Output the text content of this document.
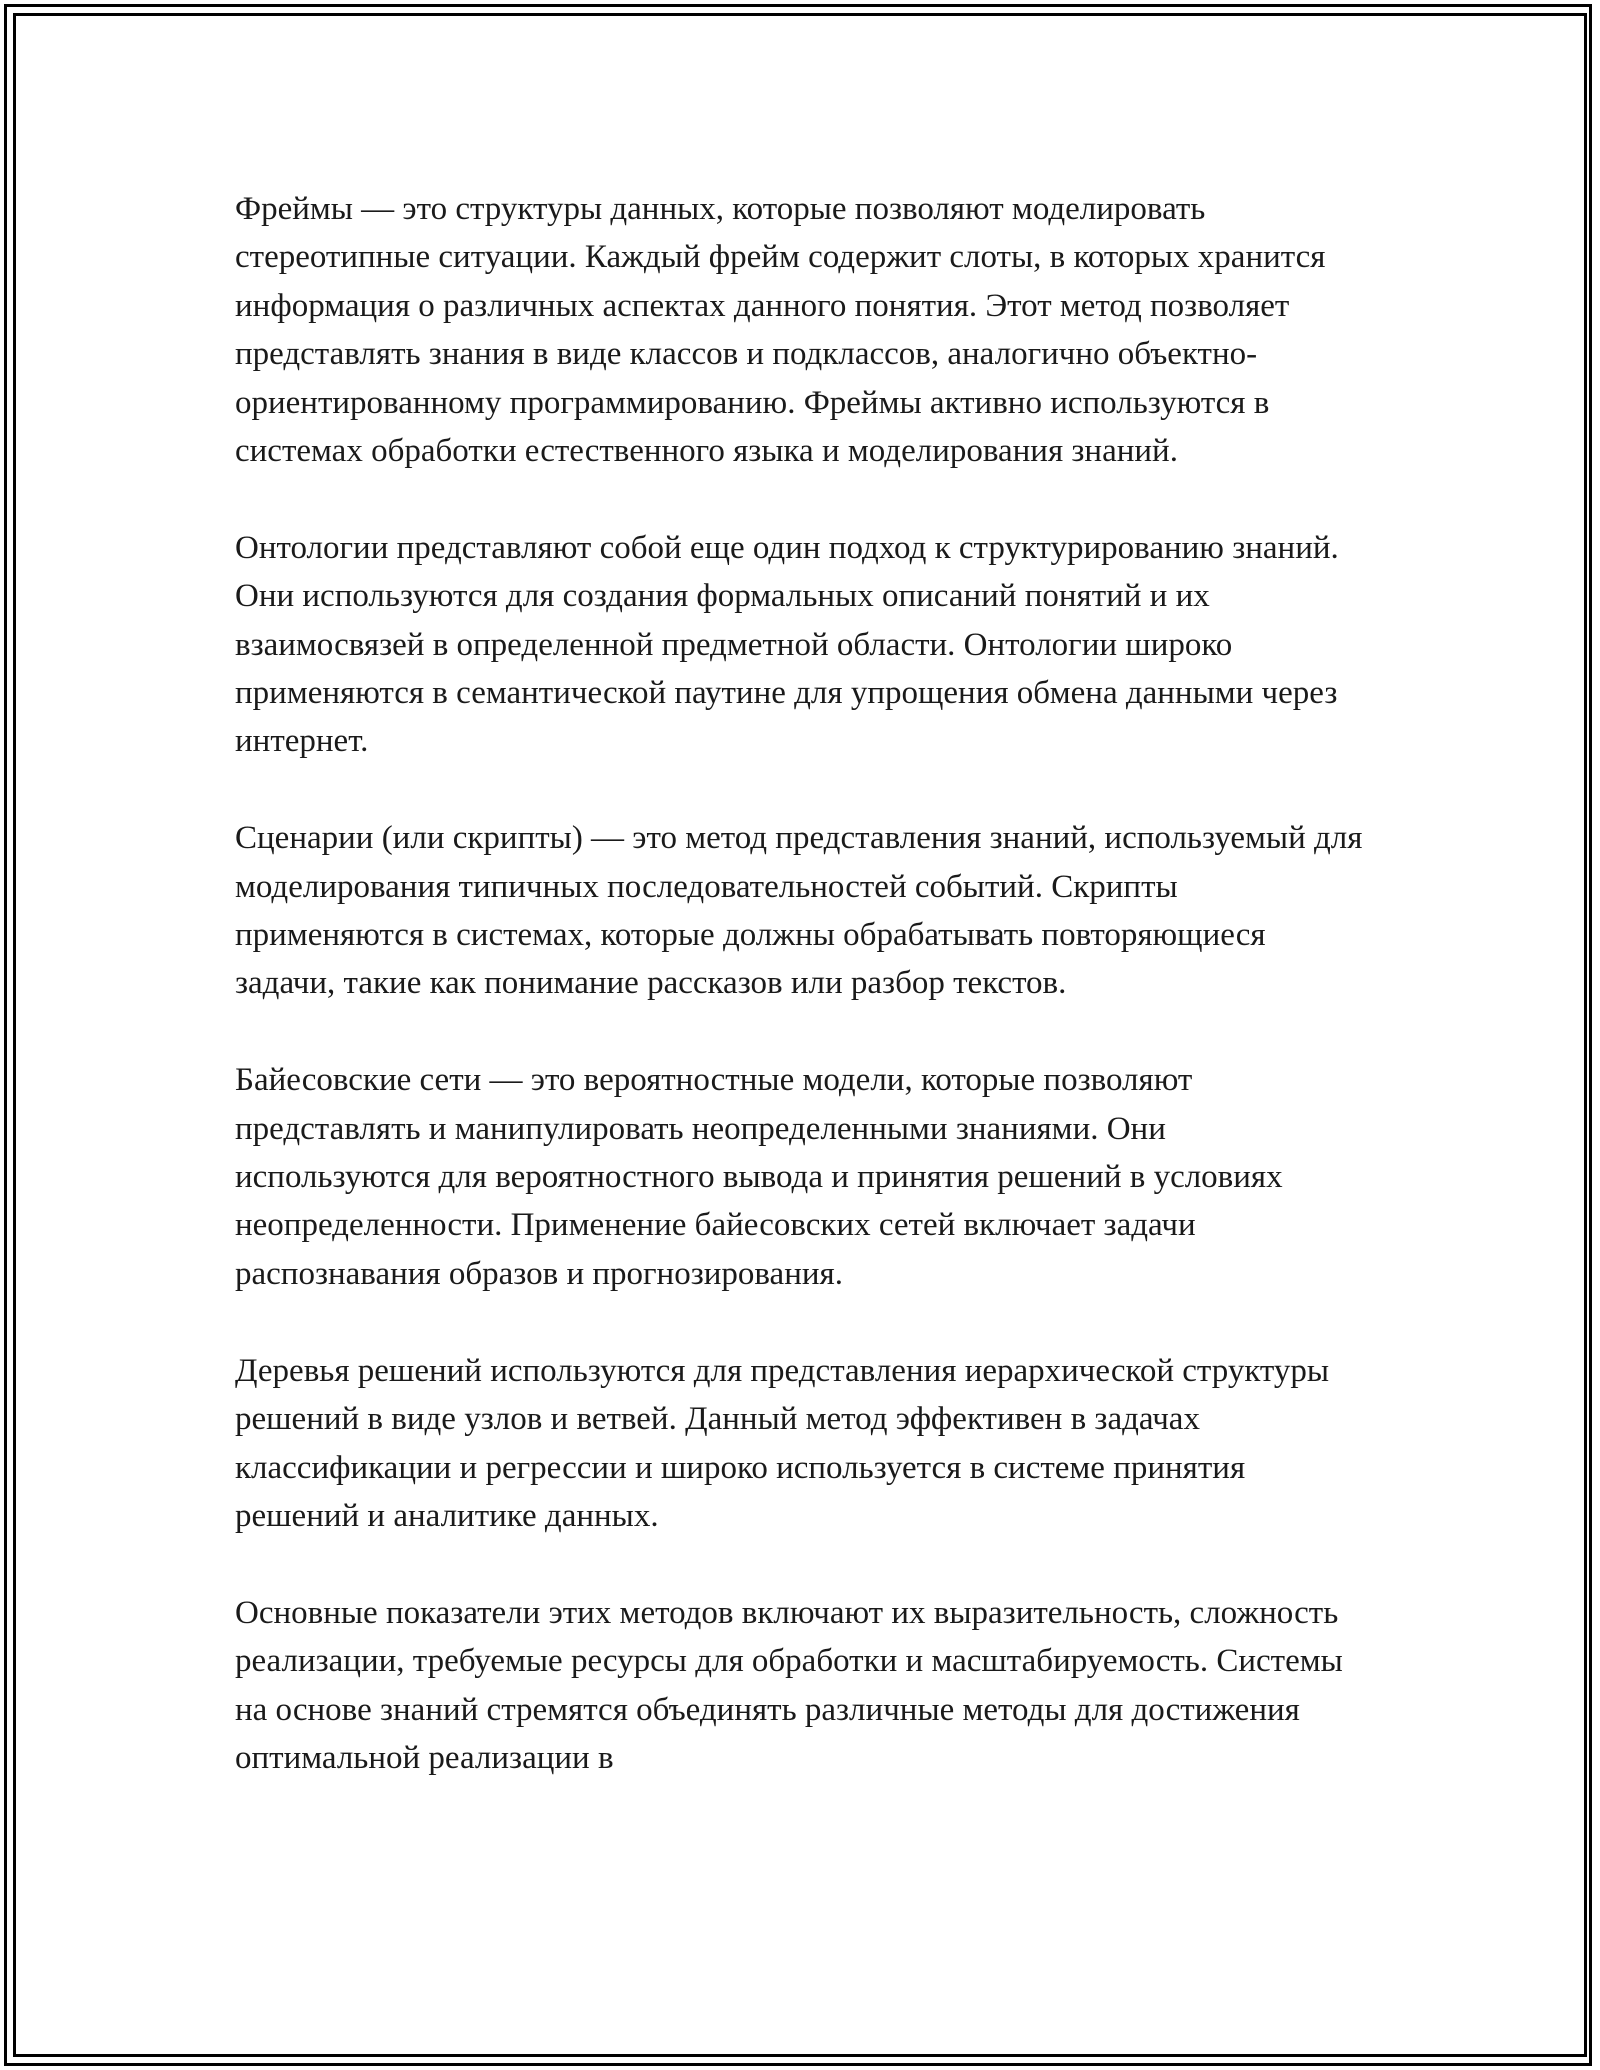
Фреймы — это структуры данных, которые позволяют моделировать стереотипные ситуации. Каждый фрейм содержит слоты, в которых хранится информация о различных аспектах данного понятия. Этот метод позволяет представлять знания в виде классов и подклассов, аналогично объектно-ориентированному программированию. Фреймы активно используются в системах обработки естественного языка и моделирования знаний.

Онтологии представляют собой еще один подход к структурированию знаний. Они используются для создания формальных описаний понятий и их взаимосвязей в определенной предметной области. Онтологии широко применяются в семантической паутине для упрощения обмена данными через интернет.

Сценарии (или скрипты) — это метод представления знаний, используемый для моделирования типичных последовательностей событий. Скрипты применяются в системах, которые должны обрабатывать повторяющиеся задачи, такие как понимание рассказов или разбор текстов.

Байесовские сети — это вероятностные модели, которые позволяют представлять и манипулировать неопределенными знаниями. Они используются для вероятностного вывода и принятия решений в условиях неопределенности. Применение байесовских сетей включает задачи распознавания образов и прогнозирования.

Деревья решений используются для представления иерархической структуры решений в виде узлов и ветвей. Данный метод эффективен в задачах классификации и регрессии и широко используется в системе принятия решений и аналитике данных.

Основные показатели этих методов включают их выразительность, сложность реализации, требуемые ресурсы для обработки и масштабируемость. Системы на основе знаний стремятся объединять различные методы для достижения оптимальной реализации в
